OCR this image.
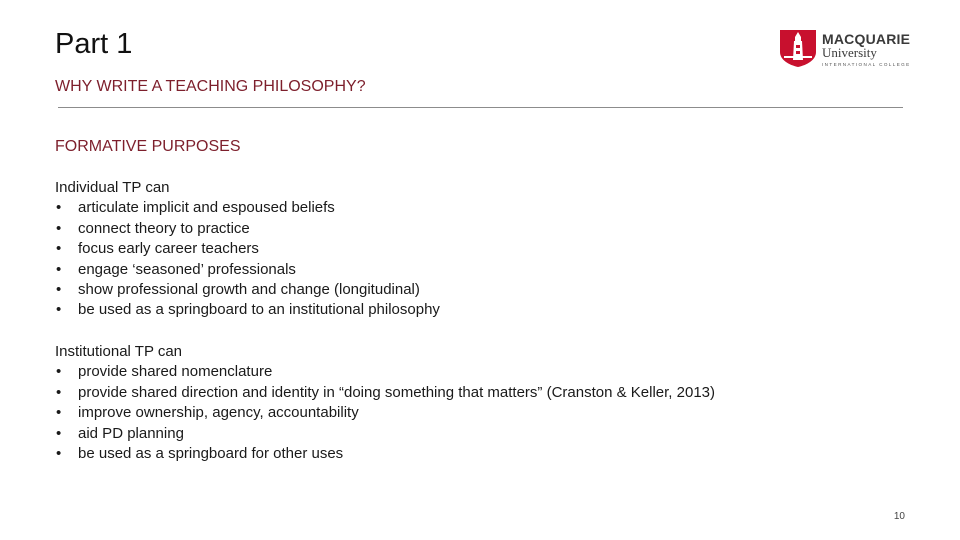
Part 1
WHY WRITE A TEACHING PHILOSOPHY?
MACQUARIE
University
INTERNATIONAL COLLEGE
FORMATIVE PURPOSES

Individual TP can

• articulate implicit and espoused beliefs
• connect theory to practice
• focus early career teachers
• engage ‘seasoned’ professionals
• show professional growth and change (longitudinal)
• be used as a springboard to an institutional philosophy

Institutional TP can

• provide shared nomenclature
• provide shared direction and identity in “doing something that matters” (Cranston & Keller, 2013)
• improve ownership, agency, accountability
• aid PD planning
• be used as a springboard for other uses
10
